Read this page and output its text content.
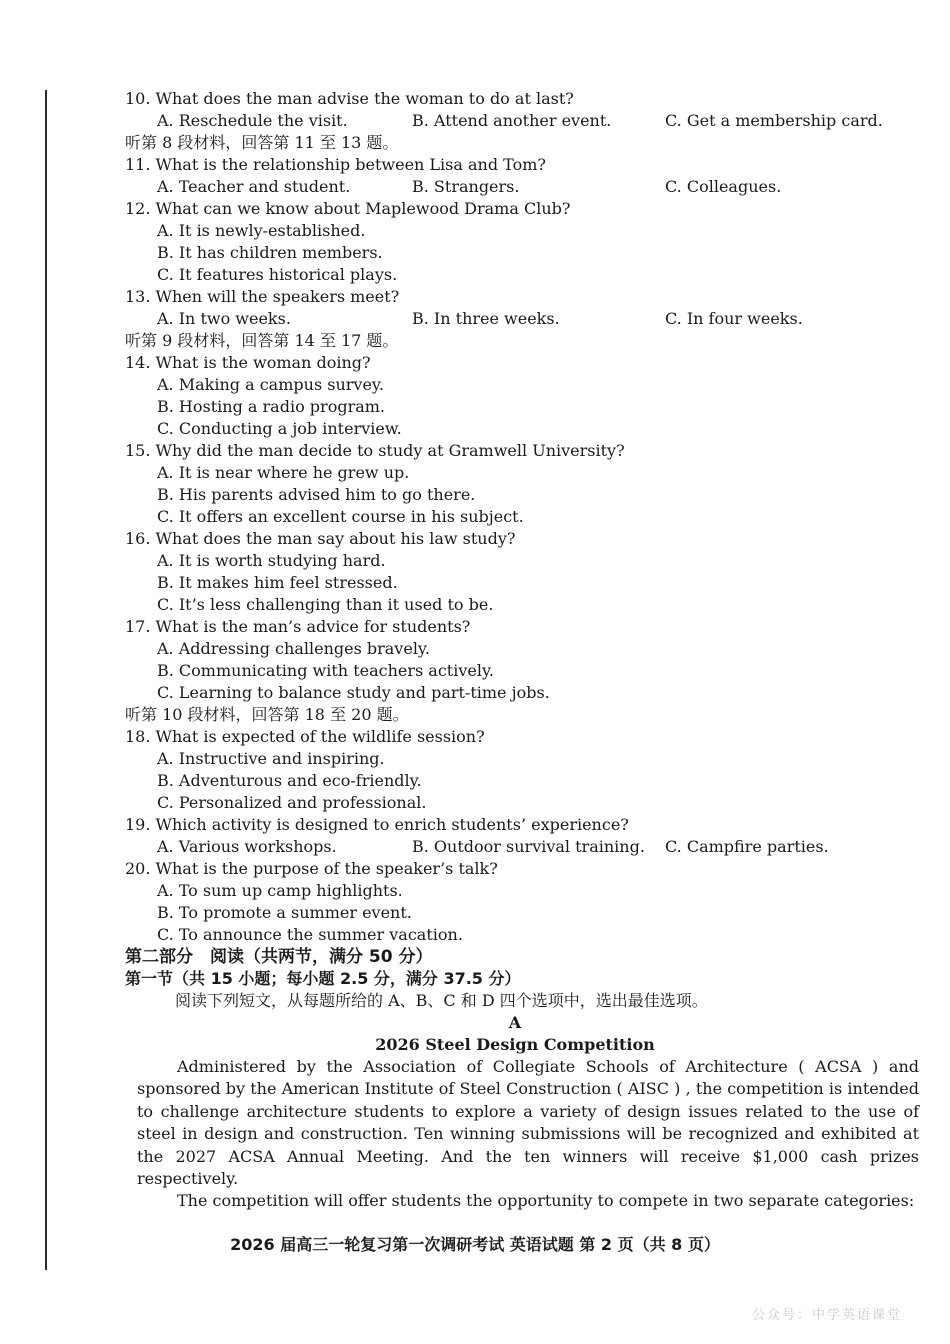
10. What does the man advise the woman to do at last?
A. Reschedule the visit.	B. Attend another event.	C. Get a membership card.
听第 8 段材料，回答第 11 至 13 题。
11. What is the relationship between Lisa and Tom?
A. Teacher and student.	B. Strangers.	C. Colleagues.
12. What can we know about Maplewood Drama Club?
A. It is newly-established.
B. It has children members.
C. It features historical plays.
13. When will the speakers meet?
A. In two weeks.	B. In three weeks.	C. In four weeks.
听第 9 段材料，回答第 14 至 17 题。
14. What is the woman doing?
A. Making a campus survey.
B. Hosting a radio program.
C. Conducting a job interview.
15. Why did the man decide to study at Gramwell University?
A. It is near where he grew up.
B. His parents advised him to go there.
C. It offers an excellent course in his subject.
16. What does the man say about his law study?
A. It is worth studying hard.
B. It makes him feel stressed.
C. It’s less challenging than it used to be.
17. What is the man’s advice for students?
A. Addressing challenges bravely.
B. Communicating with teachers actively.
C. Learning to balance study and part-time jobs.
听第 10 段材料，回答第 18 至 20 题。
18. What is expected of the wildlife session?
A. Instructive and inspiring.
B. Adventurous and eco-friendly.
C. Personalized and professional.
19. Which activity is designed to enrich students’ experience?
A. Various workshops.	B. Outdoor survival training. C. Campfire parties.
20. What is the purpose of the speaker’s talk?
A. To sum up camp highlights.
B. To promote a summer event.
C. To announce the summer vacation.
第二部分　阅读（共两节，满分 50 分）
第一节（共 15 小题；每小题 2.5 分，满分 37.5 分）
阅读下列短文，从每题所给的 A、B、C 和 D 四个选项中，选出最佳选项。
A
2026 Steel Design Competition

Administered by the Association of Collegiate Schools of Architecture ( ACSA ) and sponsored by the American Institute of Steel Construction ( AISC ) , the competition is intended to challenge architecture students to explore a variety of design issues related to the use of steel in design and construction. Ten winning submissions will be recognized and exhibited at the 2027 ACSA Annual Meeting. And the ten winners will receive $1,000 cash prizes respectively.

The competition will offer students the opportunity to compete in two separate categories:

2026 届高三一轮复习第一次调研考试 英语试题 第 2 页（共 8 页）
公众号：中学英语课堂
